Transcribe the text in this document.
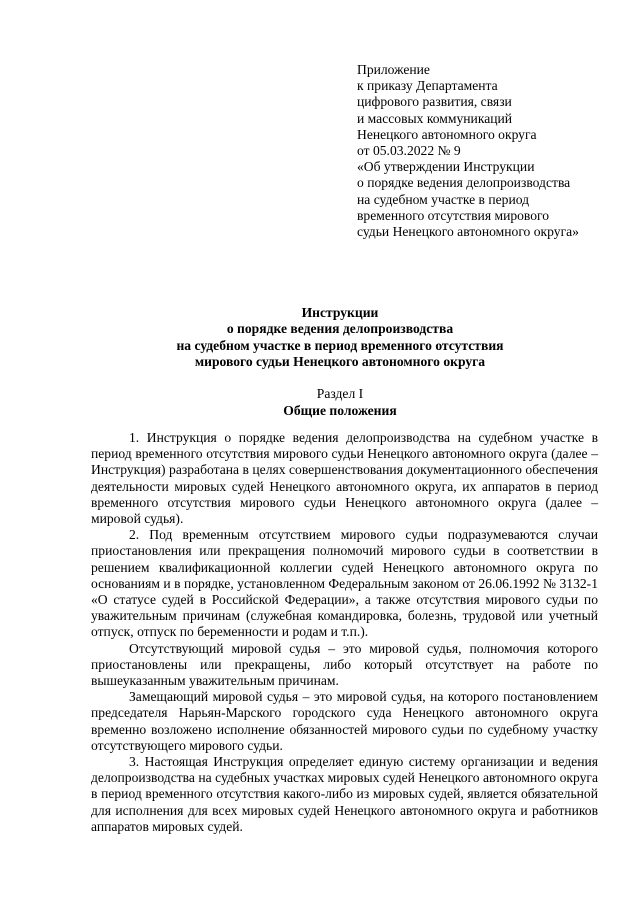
Приложение
к приказу Департамента
цифрового развития, связи
и массовых коммуникаций
Ненецкого автономного округа
от 05.03.2022 № 9
«Об утверждении Инструкции
о порядке ведения делопроизводства
на судебном участке в период
временного отсутствия мирового
судьи Ненецкого автономного округа»
Инструкции
о порядке ведения делопроизводства
на судебном участке в период временного отсутствия
мирового судьи Ненецкого автономного округа
Раздел I
Общие положения

1. Инструкция о порядке ведения делопроизводства на судебном участке в период временного отсутствия мирового судьи Ненецкого автономного округа (далее – Инструкция) разработана в целях совершенствования документационного обеспечения деятельности мировых судей Ненецкого автономного округа, их аппаратов в период временного отсутствия мирового судьи Ненецкого автономного округа (далее – мировой судья).

2. Под временным отсутствием мирового судьи подразумеваются случаи приостановления или прекращения полномочий мирового судьи в соответствии в решением квалификационной коллегии судей Ненецкого автономного округа по основаниям и в порядке, установленном Федеральным законом от 26.06.1992 № 3132-1 «О статусе судей в Российской Федерации», а также отсутствия мирового судьи по уважительным причинам (служебная командировка, болезнь, трудовой или учетный отпуск, отпуск по беременности и родам и т.п.).

Отсутствующий мировой судья – это мировой судья, полномочия которого приостановлены или прекращены, либо который отсутствует на работе по вышеуказанным уважительным причинам.

Замещающий мировой судья – это мировой судья, на которого постановлением председателя Нарьян-Марского городского суда Ненецкого автономного округа временно возложено исполнение обязанностей мирового судьи по судебному участку отсутствующего мирового судьи.

3. Настоящая Инструкция определяет единую систему организации и ведения делопроизводства на судебных участках мировых судей Ненецкого автономного округа в период временного отсутствия какого-либо из мировых судей, является обязательной для исполнения для всех мировых судей Ненецкого автономного округа и работников аппаратов мировых судей.
